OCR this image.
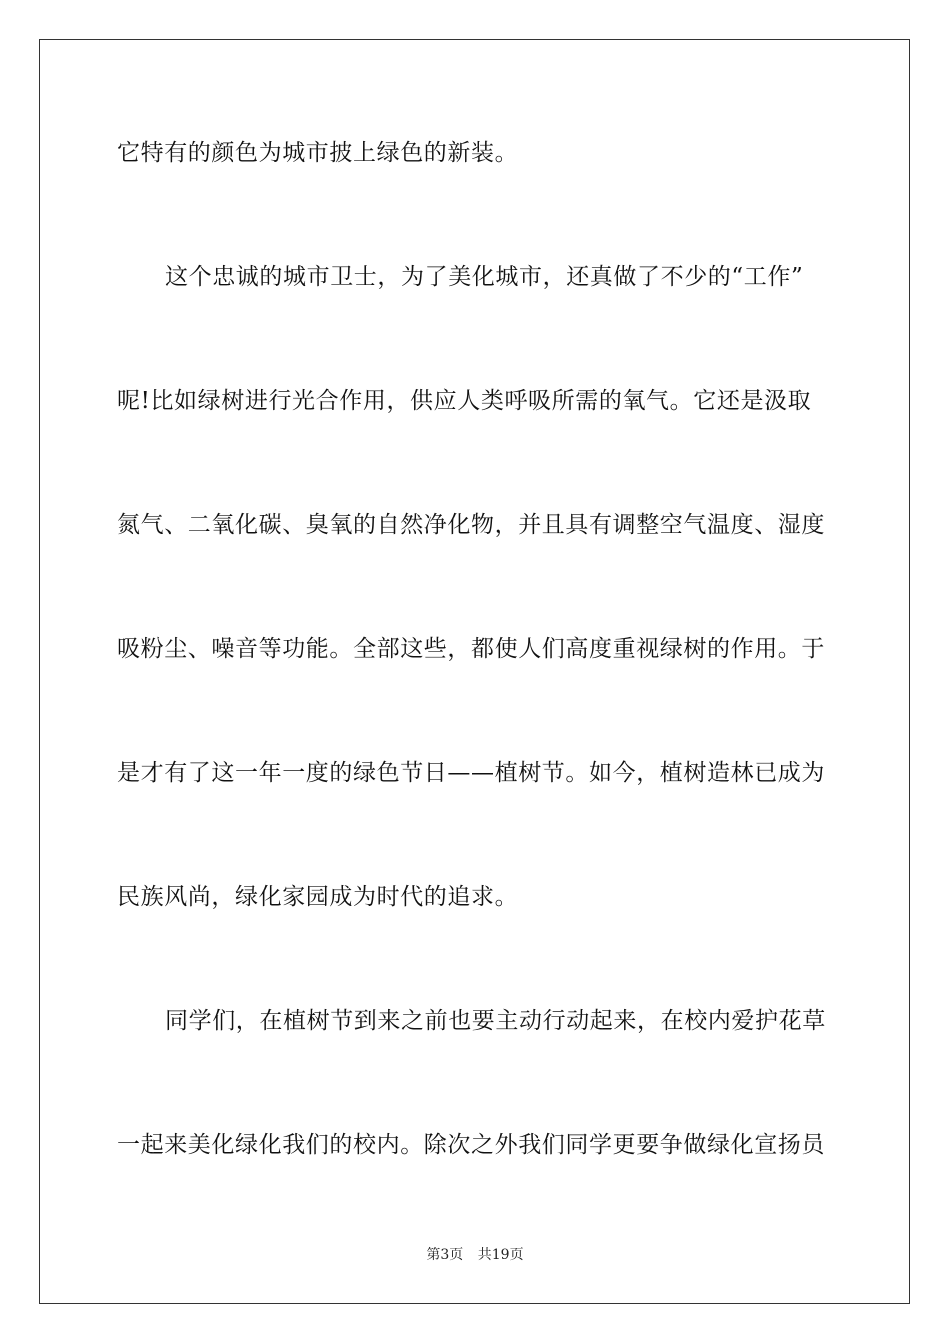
它特有的颜色为城市披上绿色的新装。
这个忠诚的城市卫士，为了美化城市，还真做了不少的“工作”
呢!比如绿树进行光合作用，供应人类呼吸所需的氧气。它还是汲取
氮气、二氧化碳、臭氧的自然净化物，并且具有调整空气温度、湿度
吸粉尘、噪音等功能。全部这些，都使人们高度重视绿树的作用。于
是才有了这一年一度的绿色节日——植树节。如今，植树造林已成为
民族风尚，绿化家园成为时代的追求。
同学们，在植树节到来之前也要主动行动起来，在校内爱护花草
一起来美化绿化我们的校内。除次之外我们同学更要争做绿化宣扬员
第3页 共19页
